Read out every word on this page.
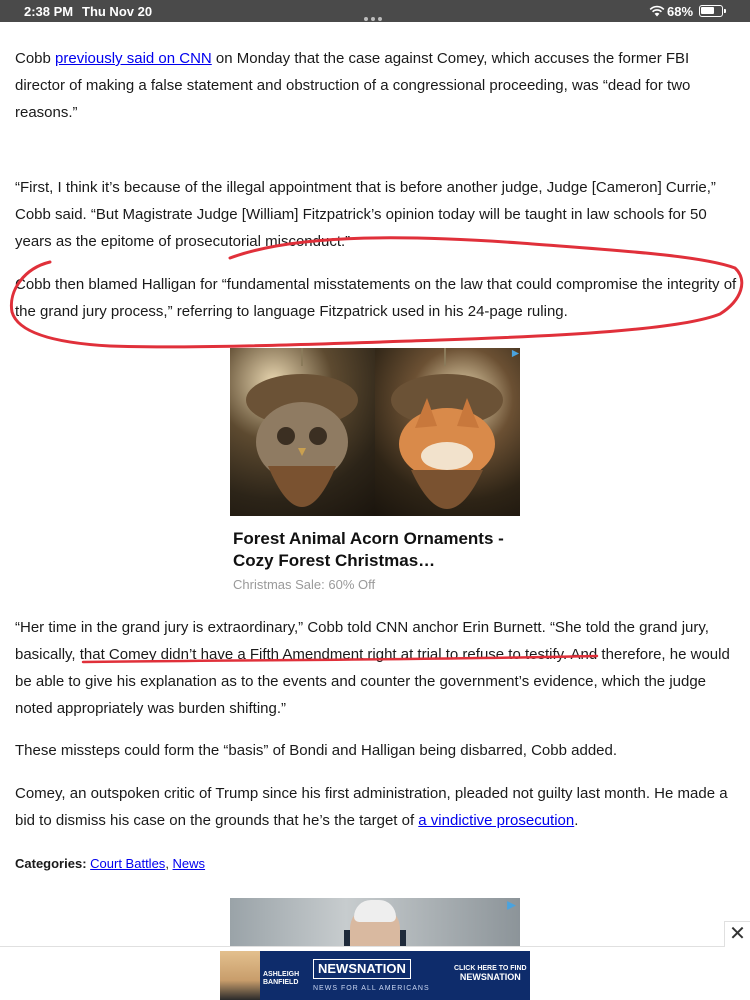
2:38 PM Thu Nov 20	68%

Cobb previously said on CNN on Monday that the case against Comey, which accuses the former FBI director of making a false statement and obstruction of a congressional proceeding, was “dead for two reasons.”

“First, I think it’s because of the illegal appointment that is before another judge, Judge [Cameron] Currie,” Cobb said. “But Magistrate Judge [William] Fitzpatrick’s opinion today will be taught in law schools for 50 years as the epitome of prosecutorial misconduct.”

Cobb then blamed Halligan for “fundamental misstatements on the law that could compromise the integrity of the grand jury process,” referring to language Fitzpatrick used in his 24-page ruling.

Forest Animal Acorn Ornaments - Cozy Forest Christmas…
Christmas Sale: 60% Off

“Her time in the grand jury is extraordinary,” Cobb told CNN anchor Erin Burnett. “She told the grand jury, basically, that Comey didn’t have a Fifth Amendment right at trial to refuse to testify. And therefore, he would be able to give his explanation as to the events and counter the government’s evidence, which the judge noted appropriately was burden shifting.”

These missteps could form the “basis” of Bondi and Halligan being disbarred, Cobb added.

Comey, an outspoken critic of Trump since his first administration, pleaded not guilty last month. He made a bid to dismiss his case on the grounds that he’s the target of a vindictive prosecution.

Categories: Court Battles, News
✕
ASHLEIGH
BANFIELD
NEWSNATION
NEWS FOR ALL AMERICANS
CLICK HERE TO FIND
NEWSNATION
